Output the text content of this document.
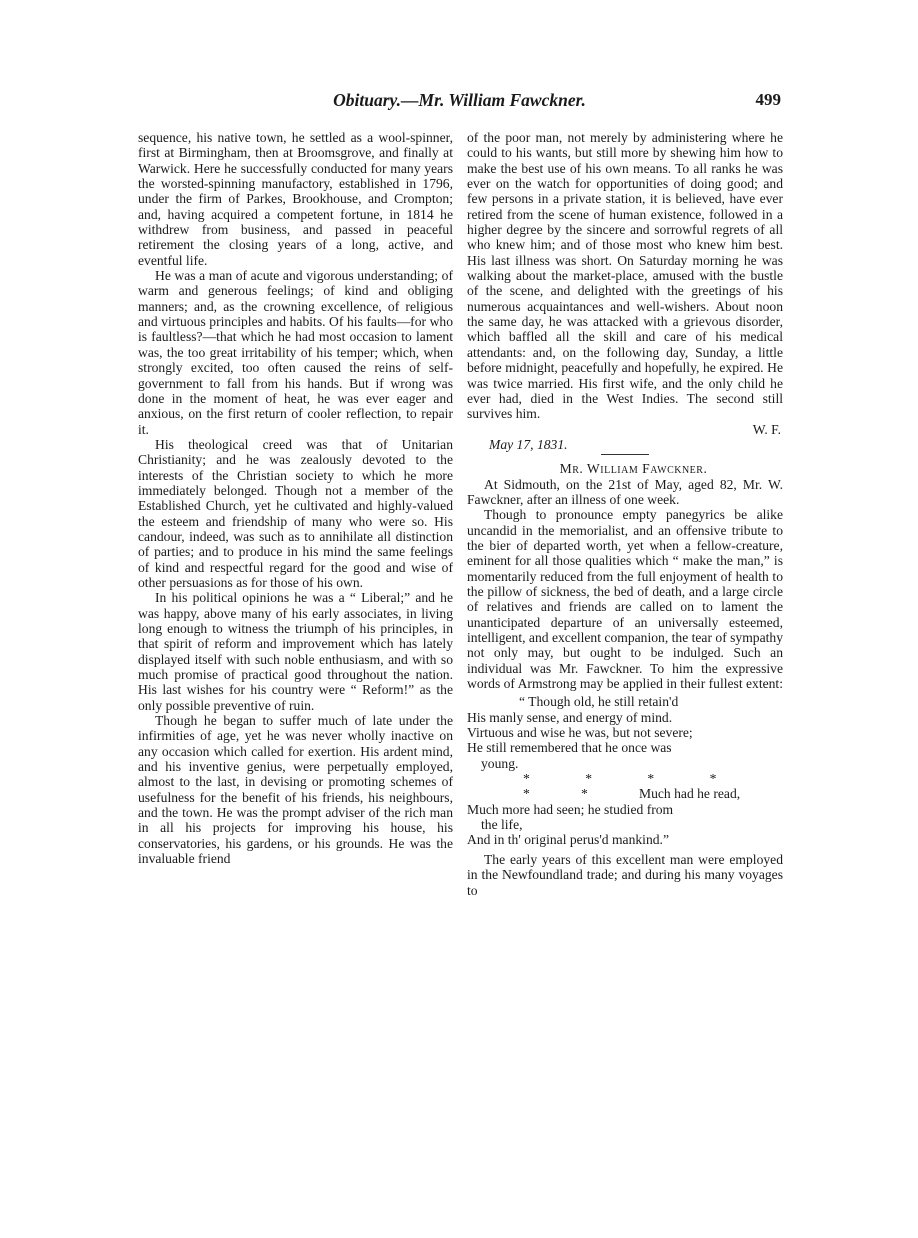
Obituary.—Mr. William Fawckner.	499

sequence, his native town, he settled as a wool-spinner, first at Birmingham, then at Broomsgrove, and finally at Warwick. Here he successfully conducted for many years the worsted-spinning manufactory, established in 1796, under the firm of Parkes, Brookhouse, and Crompton; and, having acquired a competent fortune, in 1814 he withdrew from business, and passed in peaceful retirement the closing years of a long, active, and eventful life.

He was a man of acute and vigorous understanding; of warm and generous feelings; of kind and obliging manners; and, as the crowning excellence, of religious and virtuous principles and habits. Of his faults—for who is faultless?—that which he had most occasion to lament was, the too great irritability of his temper; which, when strongly excited, too often caused the reins of self-government to fall from his hands. But if wrong was done in the moment of heat, he was ever eager and anxious, on the first return of cooler reflection, to repair it.

His theological creed was that of Unitarian Christianity; and he was zealously devoted to the interests of the Christian society to which he more immediately belonged. Though not a member of the Established Church, yet he cultivated and highly-valued the esteem and friendship of many who were so. His candour, indeed, was such as to annihilate all distinction of parties; and to produce in his mind the same feelings of kind and respectful regard for the good and wise of other persuasions as for those of his own.

In his political opinions he was a “ Liberal;” and he was happy, above many of his early associates, in living long enough to witness the triumph of his principles, in that spirit of reform and improvement which has lately displayed itself with such noble enthusiasm, and with so much promise of practical good throughout the nation. His last wishes for his country were “ Reform!” as the only possible preventive of ruin.

Though he began to suffer much of late under the infirmities of age, yet he was never wholly inactive on any occasion which called for exertion. His ardent mind, and his inventive genius, were perpetually employed, almost to the last, in devising or promoting schemes of usefulness for the benefit of his friends, his neighbours, and the town. He was the prompt adviser of the rich man in all his projects for improving his house, his conservatories, his gardens, or his grounds. He was the invaluable friend

of the poor man, not merely by administering where he could to his wants, but still more by shewing him how to make the best use of his own means. To all ranks he was ever on the watch for opportunities of doing good; and few persons in a private station, it is believed, have ever retired from the scene of human existence, followed in a higher degree by the sincere and sorrowful regrets of all who knew him; and of those most who knew him best. His last illness was short. On Saturday morning he was walking about the market-place, amused with the bustle of the scene, and delighted with the greetings of his numerous acquaintances and well-wishers. About noon the same day, he was attacked with a grievous disorder, which baffled all the skill and care of his medical attendants: and, on the following day, Sunday, a little before midnight, peacefully and hopefully, he expired. He was twice married. His first wife, and the only child he ever had, died in the West Indies. The second still survives him.

W. F.

May 17, 1831.

Mr. William Fawckner.

At Sidmouth, on the 21st of May, aged 82, Mr. W. Fawckner, after an illness of one week.

Though to pronounce empty panegyrics be alike uncandid in the memorialist, and an offensive tribute to the bier of departed worth, yet when a fellow-creature, eminent for all those qualities which “ make the man,” is momentarily reduced from the full enjoyment of health to the pillow of sickness, the bed of death, and a large circle of relatives and friends are called on to lament the unanticipated departure of an universally esteemed, intelligent, and excellent companion, the tear of sympathy not only may, but ought to be indulged. Such an individual was Mr. Fawckner. To him the expressive words of Armstrong may be applied in their fullest extent:

“ Though old, he still retain'd
His manly sense, and energy of mind.
Virtuous and wise he was, but not severe;
He still remembered that he once was
young.
* * * *
*	*	Much had he read,
Much more had seen; he studied from
the life,
And in th' original perus'd mankind.”

The early years of this excellent man were employed in the Newfoundland trade; and during his many voyages to
